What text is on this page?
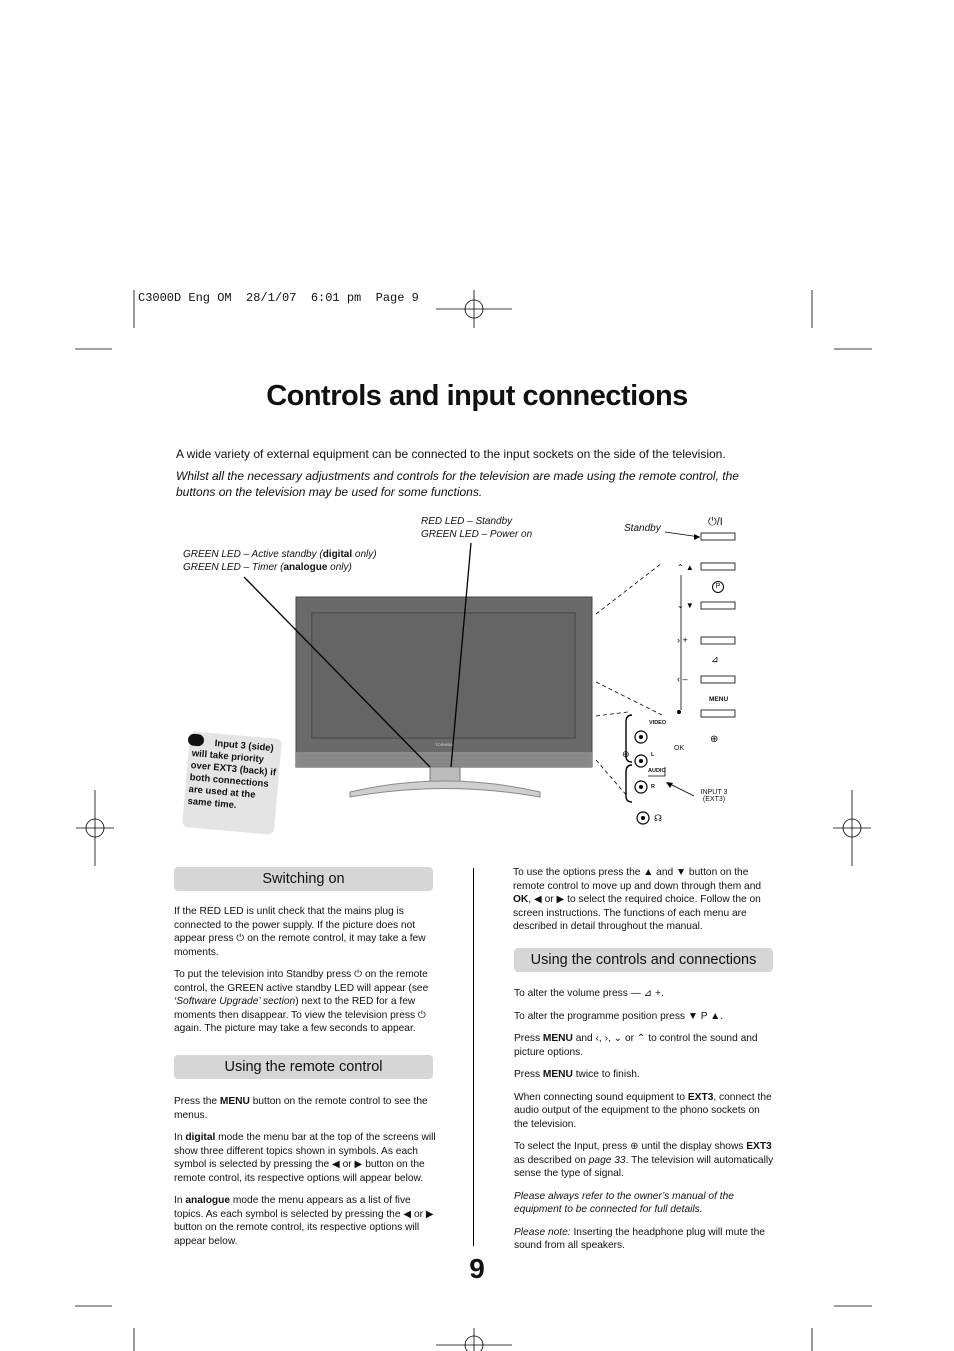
C3000D Eng OM  28/1/07  6:01 pm  Page 9
Controls and input connections

A wide variety of external equipment can be connected to the input sockets on the side of the television.

Whilst all the necessary adjustments and controls for the television are made using the remote control, the buttons on the television may be used for some functions.

TOSHIBA
⌃ ▲
⌄ ▼
› +
‹ –
⊿
⊕
⊕
☊
RED LED – Standby
GREEN LED – Power on
GREEN LED – Active standby (digital only)
GREEN LED – Timer (analogue only)
Standby
⏻/I
P
MENU
OK
VIDEO
L
AUDIO
R
INPUT 3
(EXT3)
Input 3 (side) will take priority over EXT3 (back) if both connections are used at the same time.
Switching on

If the RED LED is unlit check that the mains plug is connected to the power supply. If the picture does not appear press ⏻ on the remote control, it may take a few moments.

To put the television into Standby press ⏻ on the remote control, the GREEN active standby LED will appear (see ‘Software Upgrade’ section) next to the RED for a few moments then disappear. To view the television press ⏻ again. The picture may take a few seconds to appear.

Using the remote control

Press the MENU button on the remote control to see the menus.

In digital mode the menu bar at the top of the screens will show three different topics shown in symbols. As each symbol is selected by pressing the ◀ or ▶ button on the remote control, its respective options will appear below.

In analogue mode the menu appears as a list of five topics. As each symbol is selected by pressing the ◀ or ▶ button on the remote control, its respective options will appear below.

To use the options press the ▲ and ▼ button on the remote control to move up and down through them and OK, ◀ or ▶ to select the required choice. Follow the on screen instructions. The functions of each menu are described in detail throughout the manual.

Using the controls and connections

To alter the volume press — ⊿ +.

To alter the programme position press ▼ P ▲.

Press MENU and ‹, ›, ⌄ or ⌃ to control the sound and picture options.

Press MENU twice to finish.

When connecting sound equipment to EXT3, connect the audio output of the equipment to the phono sockets on the television.

To select the Input, press ⊕ until the display shows EXT3 as described on page 33. The television will automatically sense the type of signal.

Please always refer to the owner’s manual of the equipment to be connected for full details.

Please note: Inserting the headphone plug will mute the sound from all speakers.

9
